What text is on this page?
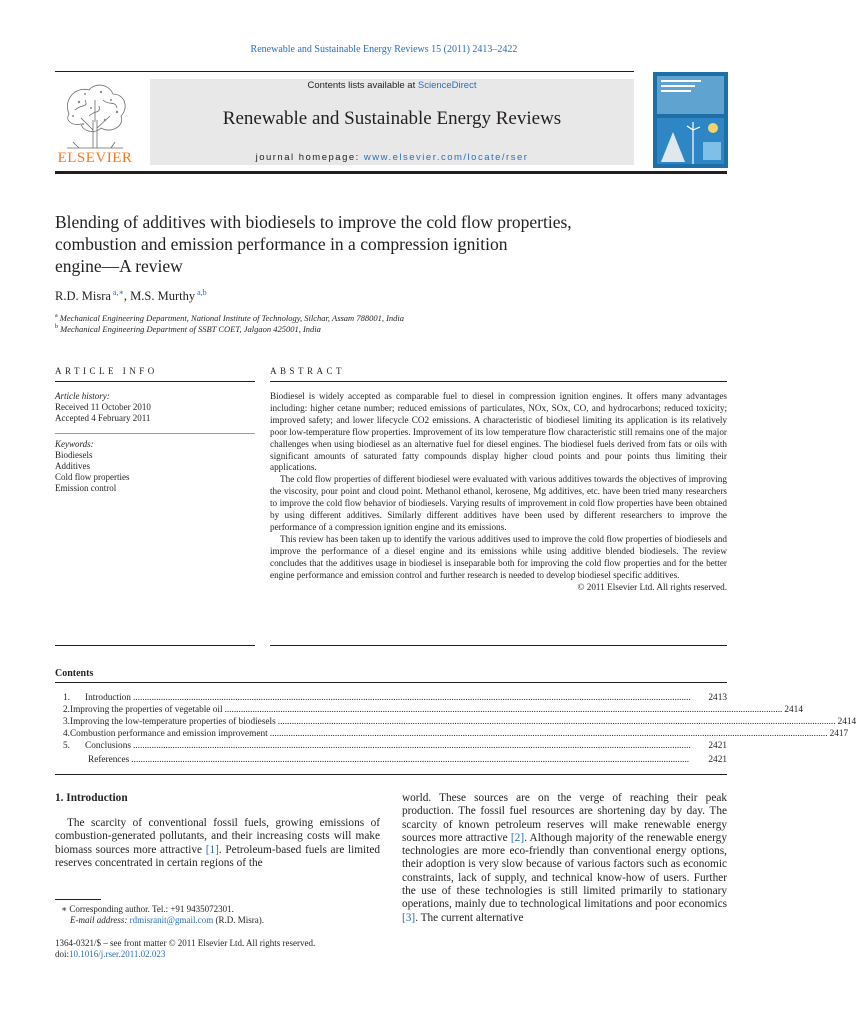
Renewable and Sustainable Energy Reviews 15 (2011) 2413–2422
ELSEVIER
Contents lists available at ScienceDirect
Renewable and Sustainable Energy Reviews
journal homepage: www.elsevier.com/locate/rser
Blending of additives with biodiesels to improve the cold flow properties,
combustion and emission performance in a compression ignition
engine—A review
R.D. Misra $^{a,∗}$, M.S. Murthy $^{a,b}$
$^a$ Mechanical Engineering Department, National Institute of Technology, Silchar, Assam 788001, India
$^b$ Mechanical Engineering Department of SSBT COET, Jalgaon 425001, India
ARTICLE INFO
Article history:
Received 11 October 2010
Accepted 4 February 2011
Keywords:
Biodiesels
Additives
Cold flow properties
Emission control
ABSTRACT

Biodiesel is widely accepted as comparable fuel to diesel in compression ignition engines. It offers many advantages including: higher cetane number; reduced emissions of particulates, NOx, SOx, CO, and hydrocarbons; reduced toxicity; improved safety; and lower lifecycle CO2 emissions. A characteristic of biodiesel limiting its application is its relatively poor low-temperature flow properties. Improvement of its low temperature flow characteristic still remains one of the major challenges when using biodiesel as an alternative fuel for diesel engines. The biodiesel fuels derived from fats or oils with significant amounts of saturated fatty compounds display higher cloud points and pour points thus limiting their applications.

The cold flow properties of different biodiesel were evaluated with various additives towards the objectives of improving the viscosity, pour point and cloud point. Methanol ethanol, kerosene, Mg additives, etc. have been tried many researchers to improve the cold flow behavior of biodiesels. Varying results of improvement in cold flow properties have been obtained by using different additives. Similarly different additives have been used by different researchers to improve the performance of a compression ignition engine and its emissions.

This review has been taken up to identify the various additives used to improve the cold flow properties of biodiesels and improve the performance of a diesel engine and its emissions while using additive blended biodiesels. The review concludes that the additives usage in biodiesel is inseparable both for improving the cold flow properties and for the better engine performance and emission control and further research is needed to develop biodiesel specific additives.

© 2011 Elsevier Ltd. All rights reserved.
Contents
1.	Introduction ................................................................................................................................................................................................................................................	2413
2. Improving the properties of vegetable oil ................................................................................................................................................................................................................................................ 2414
3. Improving the low-temperature properties of biodiesels ................................................................................................................................................................................................................................................ 2414
4. Combustion performance and emission improvement ................................................................................................................................................................................................................................................ 2417
5.	Conclusions ................................................................................................................................................................................................................................................	2421
References ................................................................................................................................................................................................................................................	2421
1. Introduction
The scarcity of conventional fossil fuels, growing emissions of combustion-generated pollutants, and their increasing costs will make biomass sources more attractive [1]. Petroleum-based fuels are limited reserves concentrated in certain regions of the
world. These sources are on the verge of reaching their peak production. The fossil fuel resources are shortening day by day. The scarcity of known petroleum reserves will make renewable energy sources more attractive [2]. Although majority of the renewable energy technologies are more eco-friendly than conventional energy options, their adoption is very slow because of various factors such as economic constraints, lack of supply, and technical know-how of users. Further the use of these technologies is still limited primarily to stationary operations, mainly due to technological limitations and poor economics [3]. The current alternative
∗ Corresponding author. Tel.: +91 9435072301.
E-mail address: rdmisranit@gmail.com (R.D. Misra).
1364-0321/$ – see front matter © 2011 Elsevier Ltd. All rights reserved.
doi:10.1016/j.rser.2011.02.023
